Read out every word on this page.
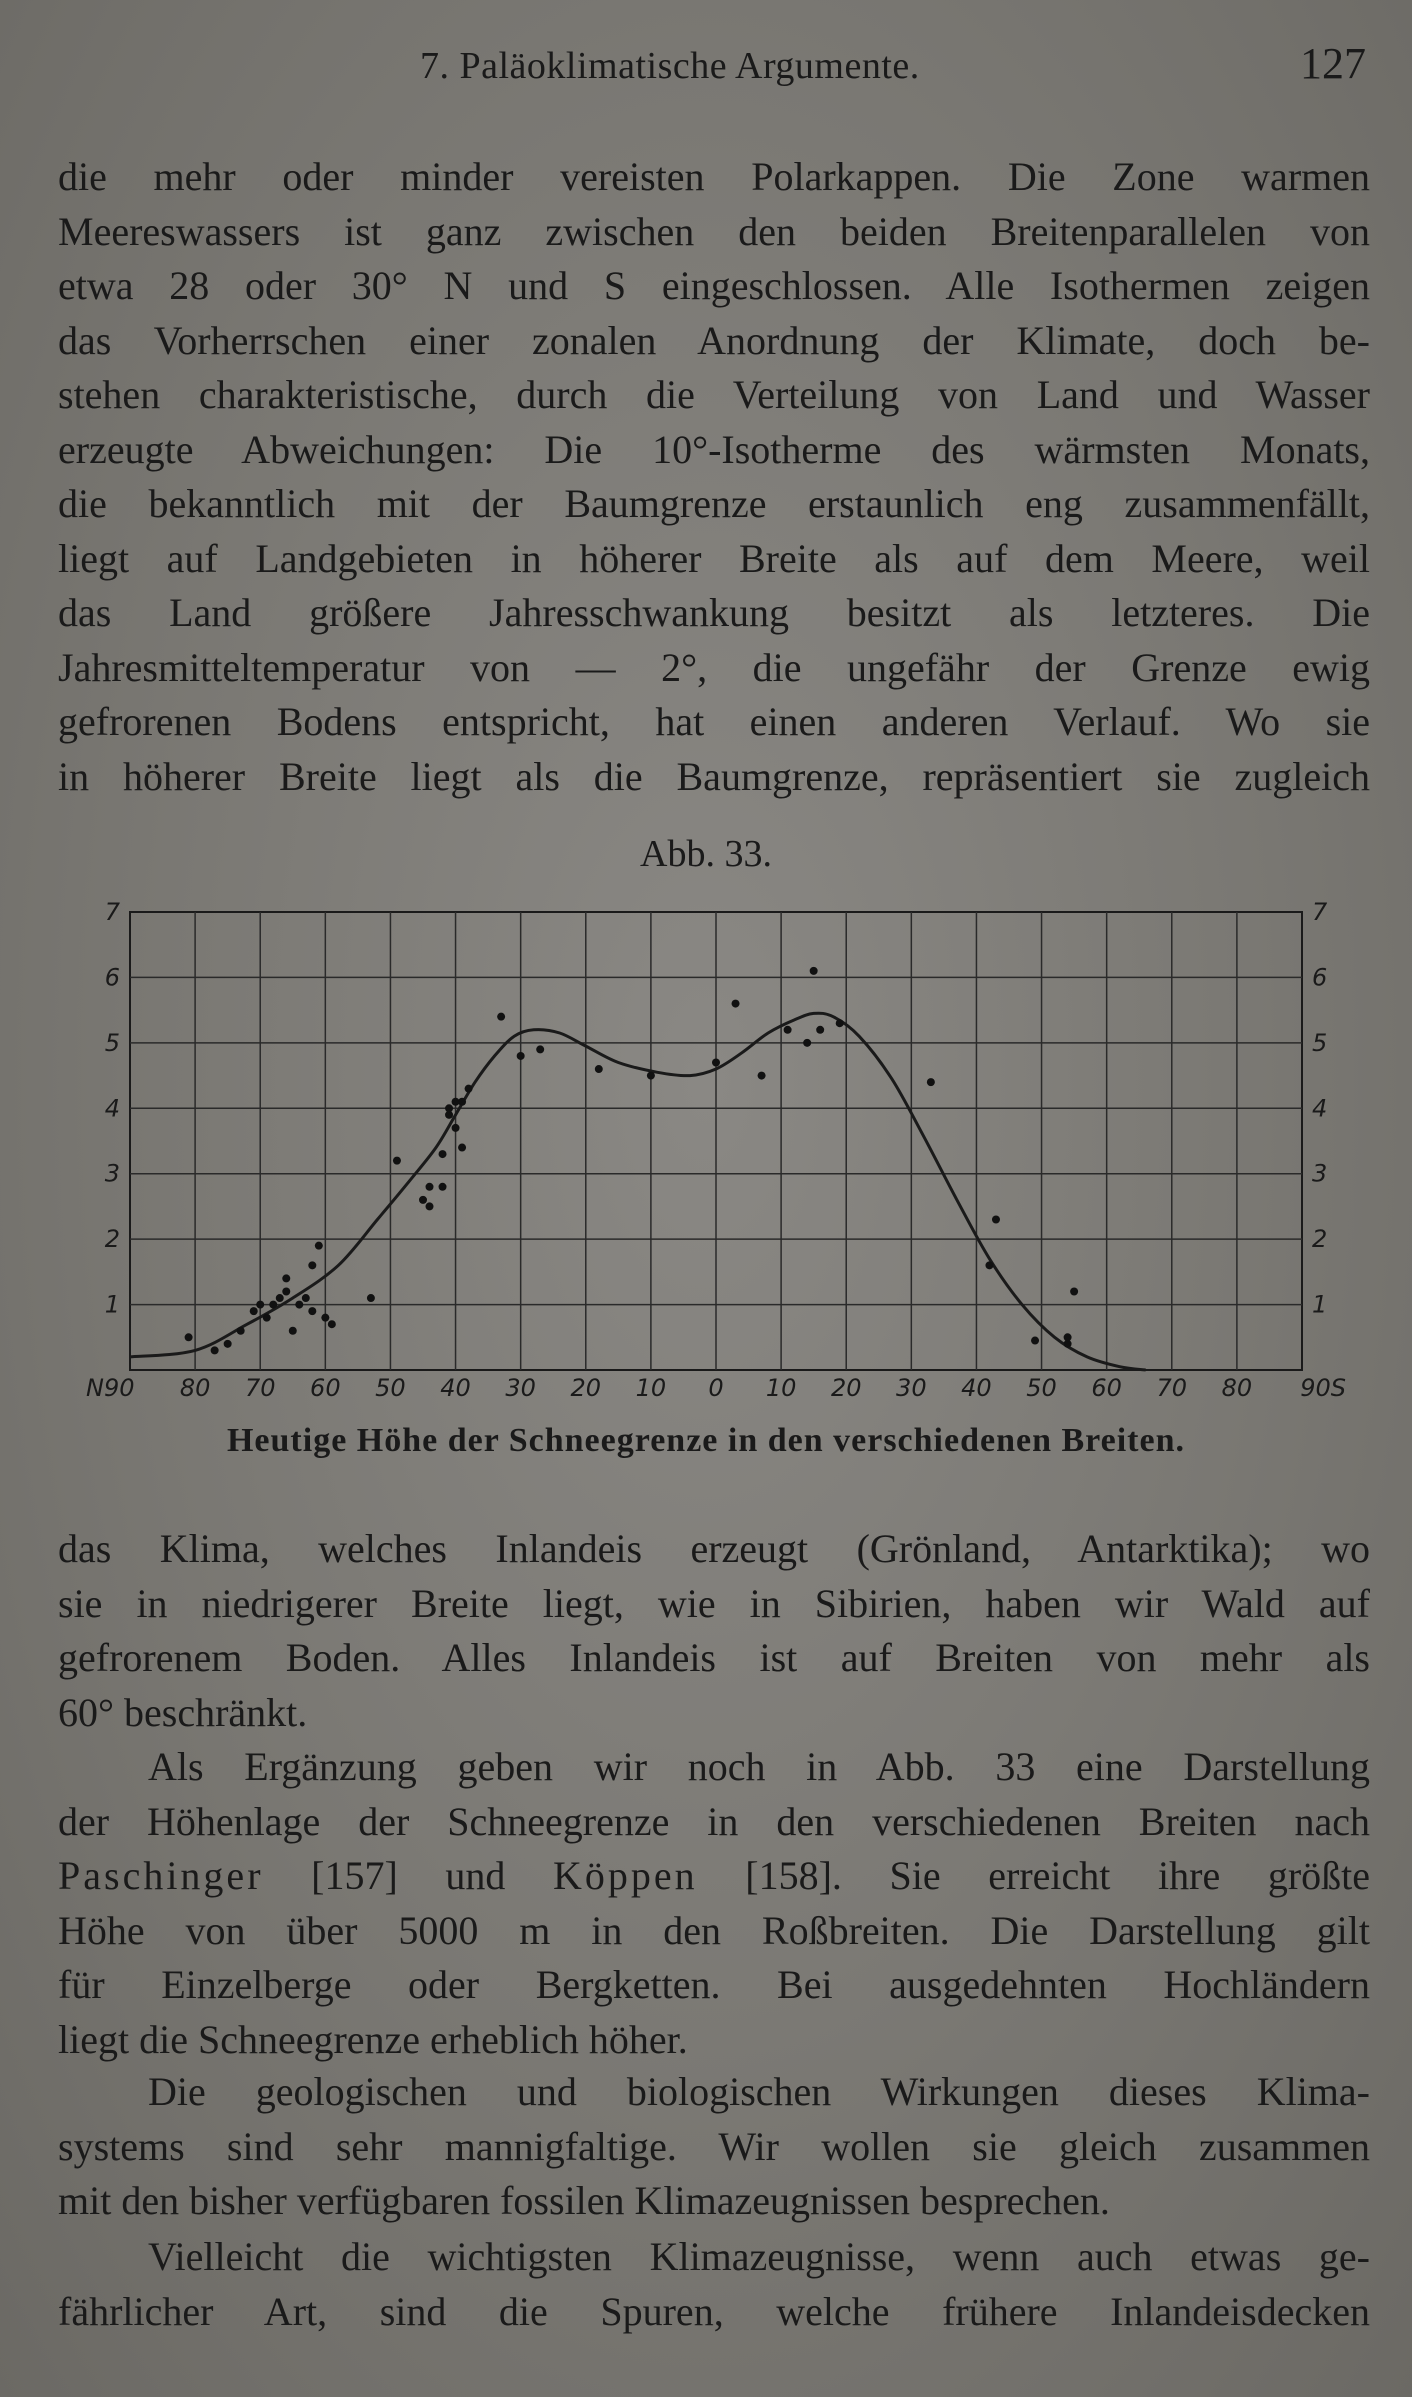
7. Paläoklimatische Argumente.	127
die mehr oder minder vereisten Polarkappen. Die Zone warmen
Meereswassers ist ganz zwischen den beiden Breitenparallelen von
etwa 28 oder 30° N und S eingeschlossen. Alle Isothermen zeigen
das Vorherrschen einer zonalen Anordnung der Klimate, doch be-
stehen charakteristische, durch die Verteilung von Land und Wasser
erzeugte Abweichungen: Die 10°-Isotherme des wärmsten Monats,
die bekanntlich mit der Baumgrenze erstaunlich eng zusammenfällt,
liegt auf Landgebieten in höherer Breite als auf dem Meere, weil
das Land größere Jahresschwankung besitzt als letzteres. Die
Jahresmitteltemperatur von — 2°, die ungefähr der Grenze ewig
gefrorenen Bodens entspricht, hat einen anderen Verlauf. Wo sie
in höherer Breite liegt als die Baumgrenze, repräsentiert sie zugleich
Abb. 33.
1	1
2	2
3	3
4	4
5	5
6	6
7	7
N90 80 70 60 50 40 30 20 10 0 10 20 30 40 50 60 70 80 90S
Heutige Höhe der Schneegrenze in den verschiedenen Breiten.
das Klima, welches Inlandeis erzeugt (Grönland, Antarktika); wo
sie in niedrigerer Breite liegt, wie in Sibirien, haben wir Wald auf
gefrorenem Boden. Alles Inlandeis ist auf Breiten von mehr als
60° beschränkt.
Als Ergänzung geben wir noch in Abb. 33 eine Darstellung
der Höhenlage der Schneegrenze in den verschiedenen Breiten nach
Paschinger [157] und Köppen [158]. Sie erreicht ihre größte
Höhe von über 5000 m in den Roßbreiten. Die Darstellung gilt
für Einzelberge oder Bergketten. Bei ausgedehnten Hochländern
liegt die Schneegrenze erheblich höher.
Die geologischen und biologischen Wirkungen dieses Klima-
systems sind sehr mannigfaltige. Wir wollen sie gleich zusammen
mit den bisher verfügbaren fossilen Klimazeugnissen besprechen.
Vielleicht die wichtigsten Klimazeugnisse, wenn auch etwas ge-
fährlicher Art, sind die Spuren, welche frühere Inlandeisdecken
